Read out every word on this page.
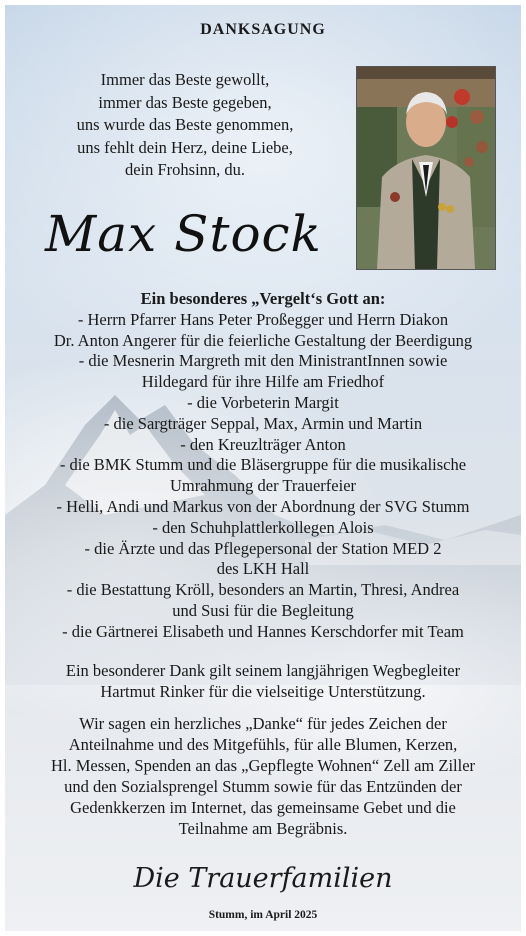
DANKSAGUNG
Immer das Beste gewollt,
immer das Beste gegeben,
uns wurde das Beste genommen,
uns fehlt dein Herz, deine Liebe,
dein Frohsinn, du.
Max Stock
Ein besonderes „Vergelt‘s Gott an:
- Herrn Pfarrer Hans Peter Proßegger und Herrn Diakon
Dr. Anton Angerer für die feierliche Gestaltung der Beerdigung
- die Mesnerin Margreth mit den MinistrantInnen sowie
Hildegard für ihre Hilfe am Friedhof
- die Vorbeterin Margit
- die Sargträger Seppal, Max, Armin und Martin
- den Kreuzlträger Anton
- die BMK Stumm und die Bläsergruppe für die musikalische
Umrahmung der Trauerfeier
- Helli, Andi und Markus von der Abordnung der SVG Stumm
- den Schuhplattlerkollegen Alois
- die Ärzte und das Pflegepersonal der Station MED 2
des LKH Hall
- die Bestattung Kröll, besonders an Martin, Thresi, Andrea
und Susi für die Begleitung
- die Gärtnerei Elisabeth und Hannes Kerschdorfer mit Team
Ein besonderer Dank gilt seinem langjährigen Wegbegleiter
Hartmut Rinker für die vielseitige Unterstützung.
Wir sagen ein herzliches „Danke“ für jedes Zeichen der
Anteilnahme und des Mitgefühls, für alle Blumen, Kerzen,
Hl. Messen, Spenden an das „Gepflegte Wohnen“ Zell am Ziller
und den Sozialsprengel Stumm sowie für das Entzünden der
Gedenkkerzen im Internet, das gemeinsame Gebet und die
Teilnahme am Begräbnis.
Die Trauerfamilien
Stumm, im April 2025
